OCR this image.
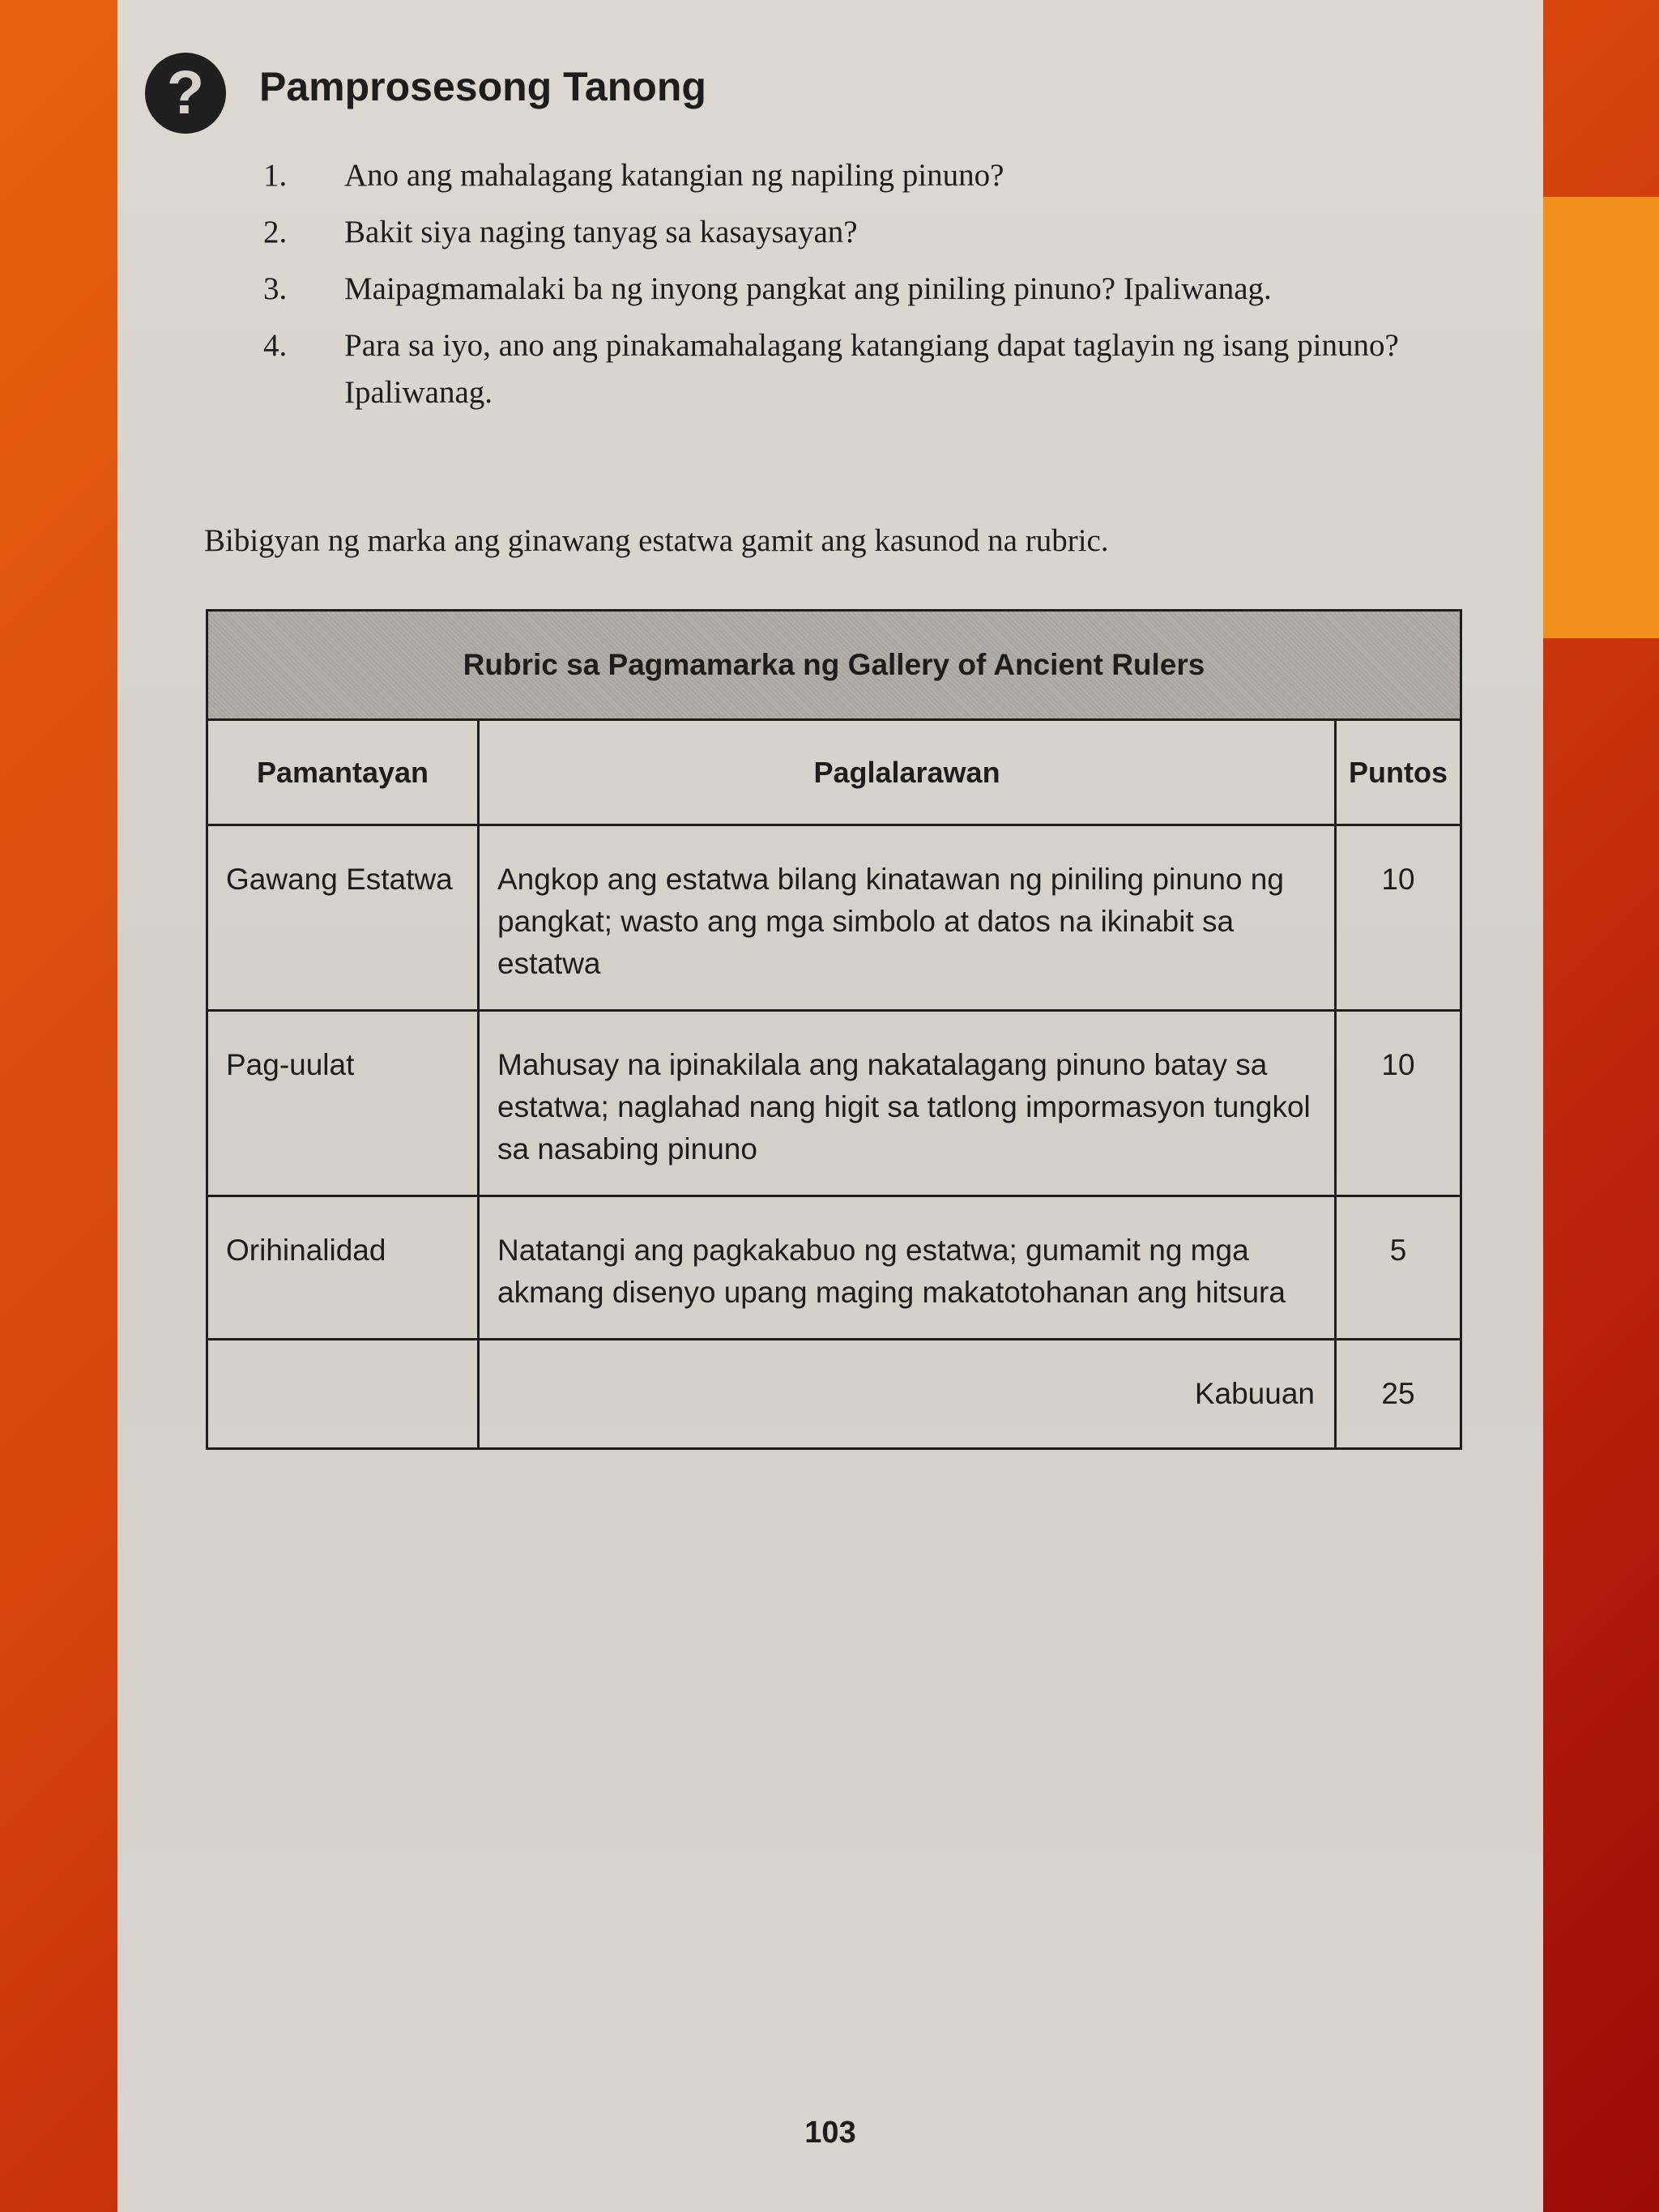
?	Pamprosesong Tanong
1.	Ano ang mahalagang katangian ng napiling pinuno?
2.	Bakit siya naging tanyag sa kasaysayan?
3.	Maipagmamalaki ba ng inyong pangkat ang piniling pinuno? Ipaliwanag.
4.	Para sa iyo, ano ang pinakamahalagang katangiang dapat taglayin ng isang pinuno? Ipaliwanag.

Bibigyan ng marka ang ginawang estatwa gamit ang kasunod na rubric.

Rubric sa Pagmamarka ng Gallery of Ancient Rulers		
Pamantayan	Paglalarawan	Puntos
Gawang Estatwa	Angkop ang estatwa bilang kinatawan ng piniling pinuno ng pangkat; wasto ang mga simbolo at datos na ikinabit sa estatwa	10
Pag-uulat	Mahusay na ipinakilala ang nakatalagang pinuno batay sa estatwa; naglahad nang higit sa tatlong impormasyon tungkol sa nasabing pinuno	10
Orihinalidad	Natatangi ang pagkakabuo ng estatwa; gumamit ng mga akmang disenyo upang maging makatotohanan ang hitsura	5
	Kabuuan	25

103
